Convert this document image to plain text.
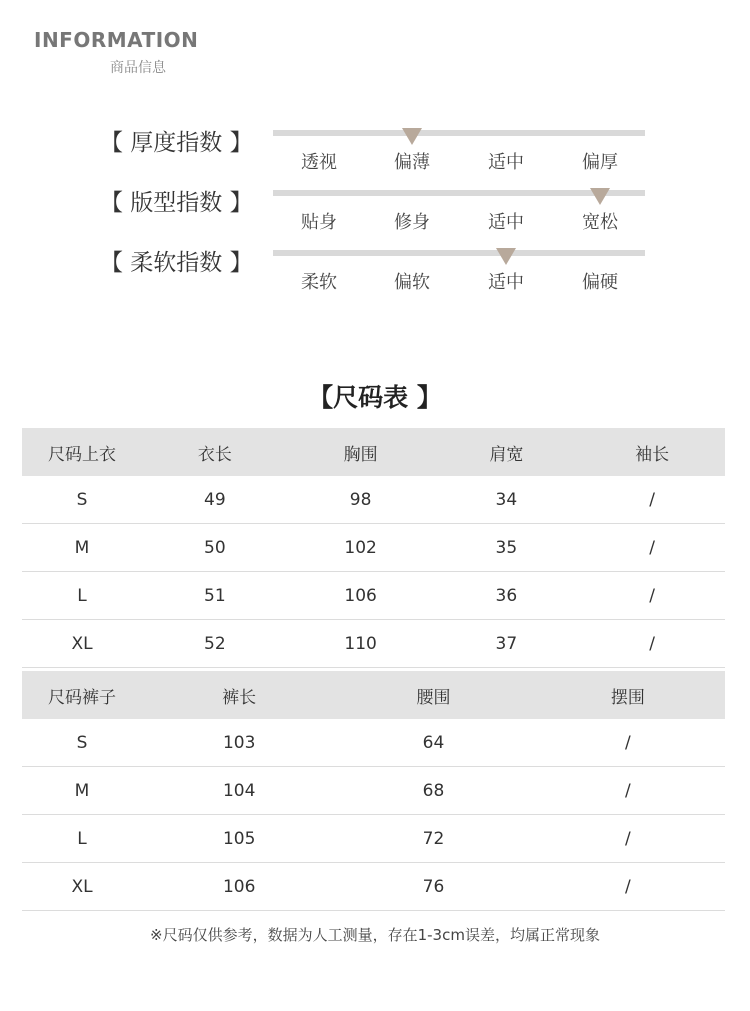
INFORMATION
商品信息
【 厚度指数 】
透视	偏薄	适中	偏厚
【 版型指数 】
贴身	修身	适中	宽松
【 柔软指数 】
柔软	偏软	适中	偏硬
【尺码表 】
尺码上衣	衣长	胸围	肩宽	袖长
S	49	98	34	/
M	50	102	35	/
L	51	106	36	/
XL	52	110	37	/
尺码裤子	裤长	腰围	摆围
S	103	64	/
M	104	68	/
L	105	72	/
XL	106	76	/
※尺码仅供参考，数据为人工测量，存在1-3cm误差，均属正常现象
